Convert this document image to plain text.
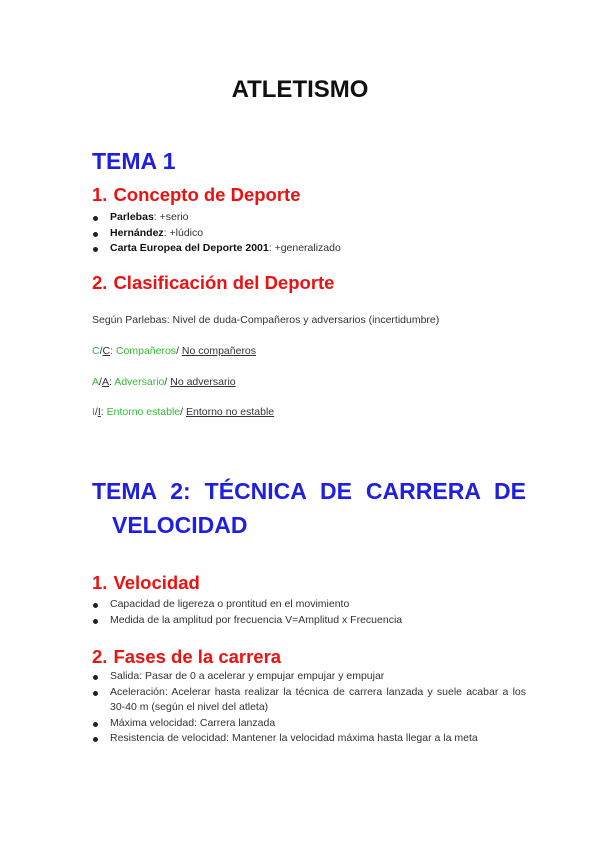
ATLETISMO
TEMA 1
1. Concepto de Deporte
Parlebas: +serio
Hernández: +lúdico
Carta Europea del Deporte 2001: +generalizado
2. Clasificación del Deporte

Según Parlebas: Nivel de duda-Compañeros y adversarios (incertidumbre)

C/C: Compañeros/ No compañeros

A/A: Adversario/ No adversario

I/I: Entorno estable/ Entorno no estable

TEMA 2: TÉCNICA DE CARRERA DE
VELOCIDAD
1. Velocidad
Capacidad de ligereza o prontitud en el movimiento
Medida de la amplitud por frecuencia V=Amplitud x Frecuencia
2. Fases de la carrera
Salida: Pasar de 0 a acelerar y empujar empujar y empujar
Aceleración: Acelerar hasta realizar la técnica de carrera lanzada y suele acabar a los 30-40 m (según el nivel del atleta)
Máxima velocidad: Carrera lanzada
Resistencia de velocidad: Mantener la velocidad máxima hasta llegar a la meta
